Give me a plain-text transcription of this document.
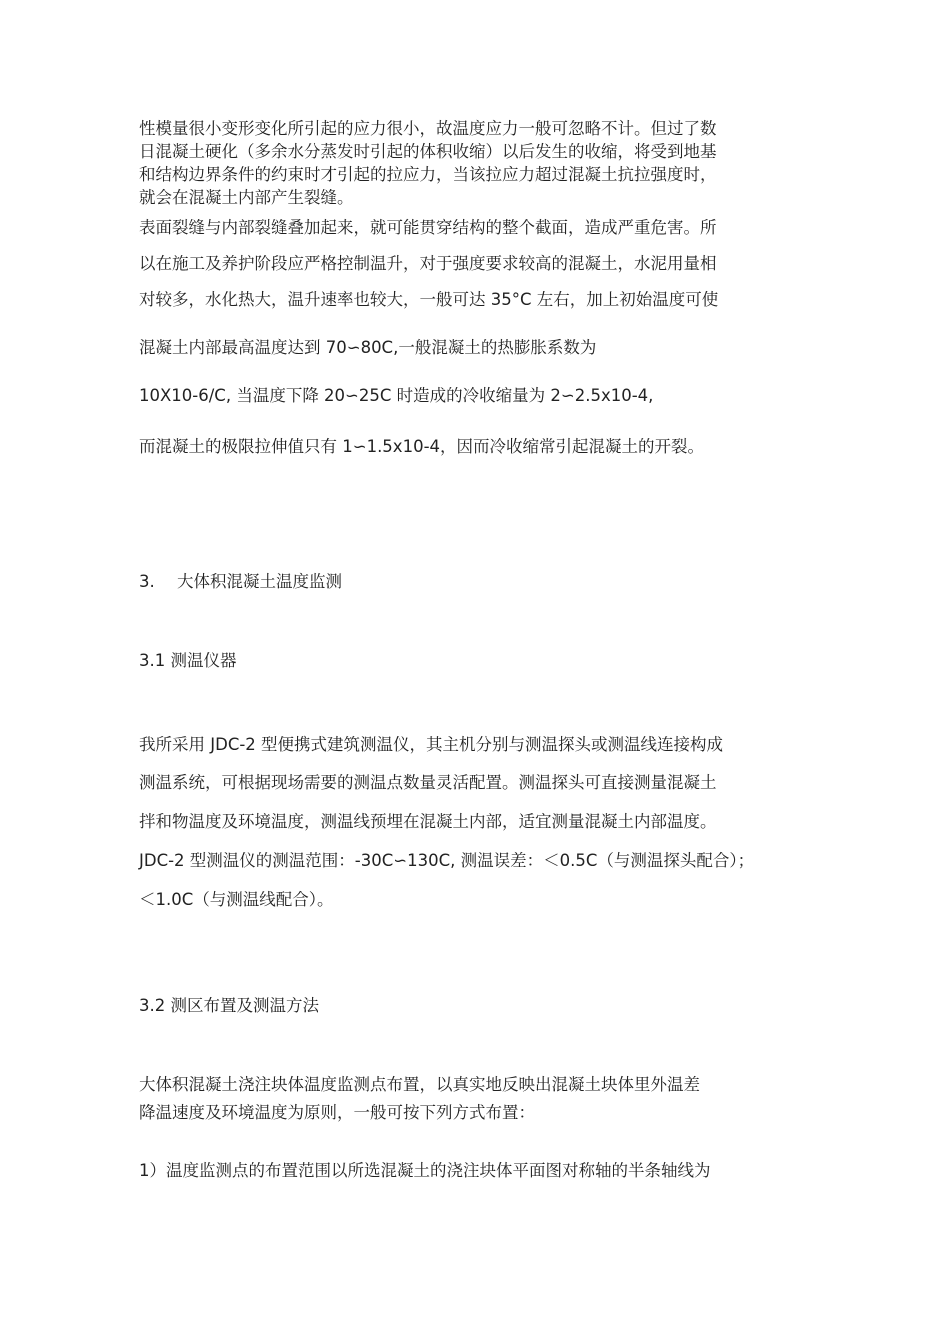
性模量很小变形变化所引起的应力很小，故温度应力一般可忽略不计。但过了数
日混凝土硬化（多余水分蒸发时引起的体积收缩）以后发生的收缩，将受到地基
和结构边界条件的约束时才引起的拉应力，当该拉应力超过混凝土抗拉强度时，
就会在混凝土内部产生裂缝。
表面裂缝与内部裂缝叠加起来，就可能贯穿结构的整个截面，造成严重危害。所
以在施工及养护阶段应严格控制温升，对于强度要求较高的混凝土，水泥用量相
对较多，水化热大，温升速率也较大，一般可达 35°C 左右，加上初始温度可使
混凝土内部最高温度达到 70∽80C,一般混凝土的热膨胀系数为
10X10-6/C, 当温度下降 20∽25C 时造成的冷收缩量为 2∽2.5x10-4,
而混凝土的极限拉伸值只有 1∽1.5x10-4，因而冷收缩常引起混凝土的开裂。
3. 大体积混凝土温度监测
3.1 测温仪器
我所采用 JDC-2 型便携式建筑测温仪，其主机分别与测温探头或测温线连接构成
测温系统，可根据现场需要的测温点数量灵活配置。测温探头可直接测量混凝土
拌和物温度及环境温度，测温线预埋在混凝土内部，适宜测量混凝土内部温度。
JDC-2 型测温仪的测温范围：-30C∽130C, 测温误差：＜0.5C（与测温探头配合）；
＜1.0C（与测温线配合）。
3.2 测区布置及测温方法
大体积混凝土浇注块体温度监测点布置，以真实地反映出混凝土块体里外温差
降温速度及环境温度为原则，一般可按下列方式布置：
1）温度监测点的布置范围以所选混凝土的浇注块体平面图对称轴的半条轴线为
